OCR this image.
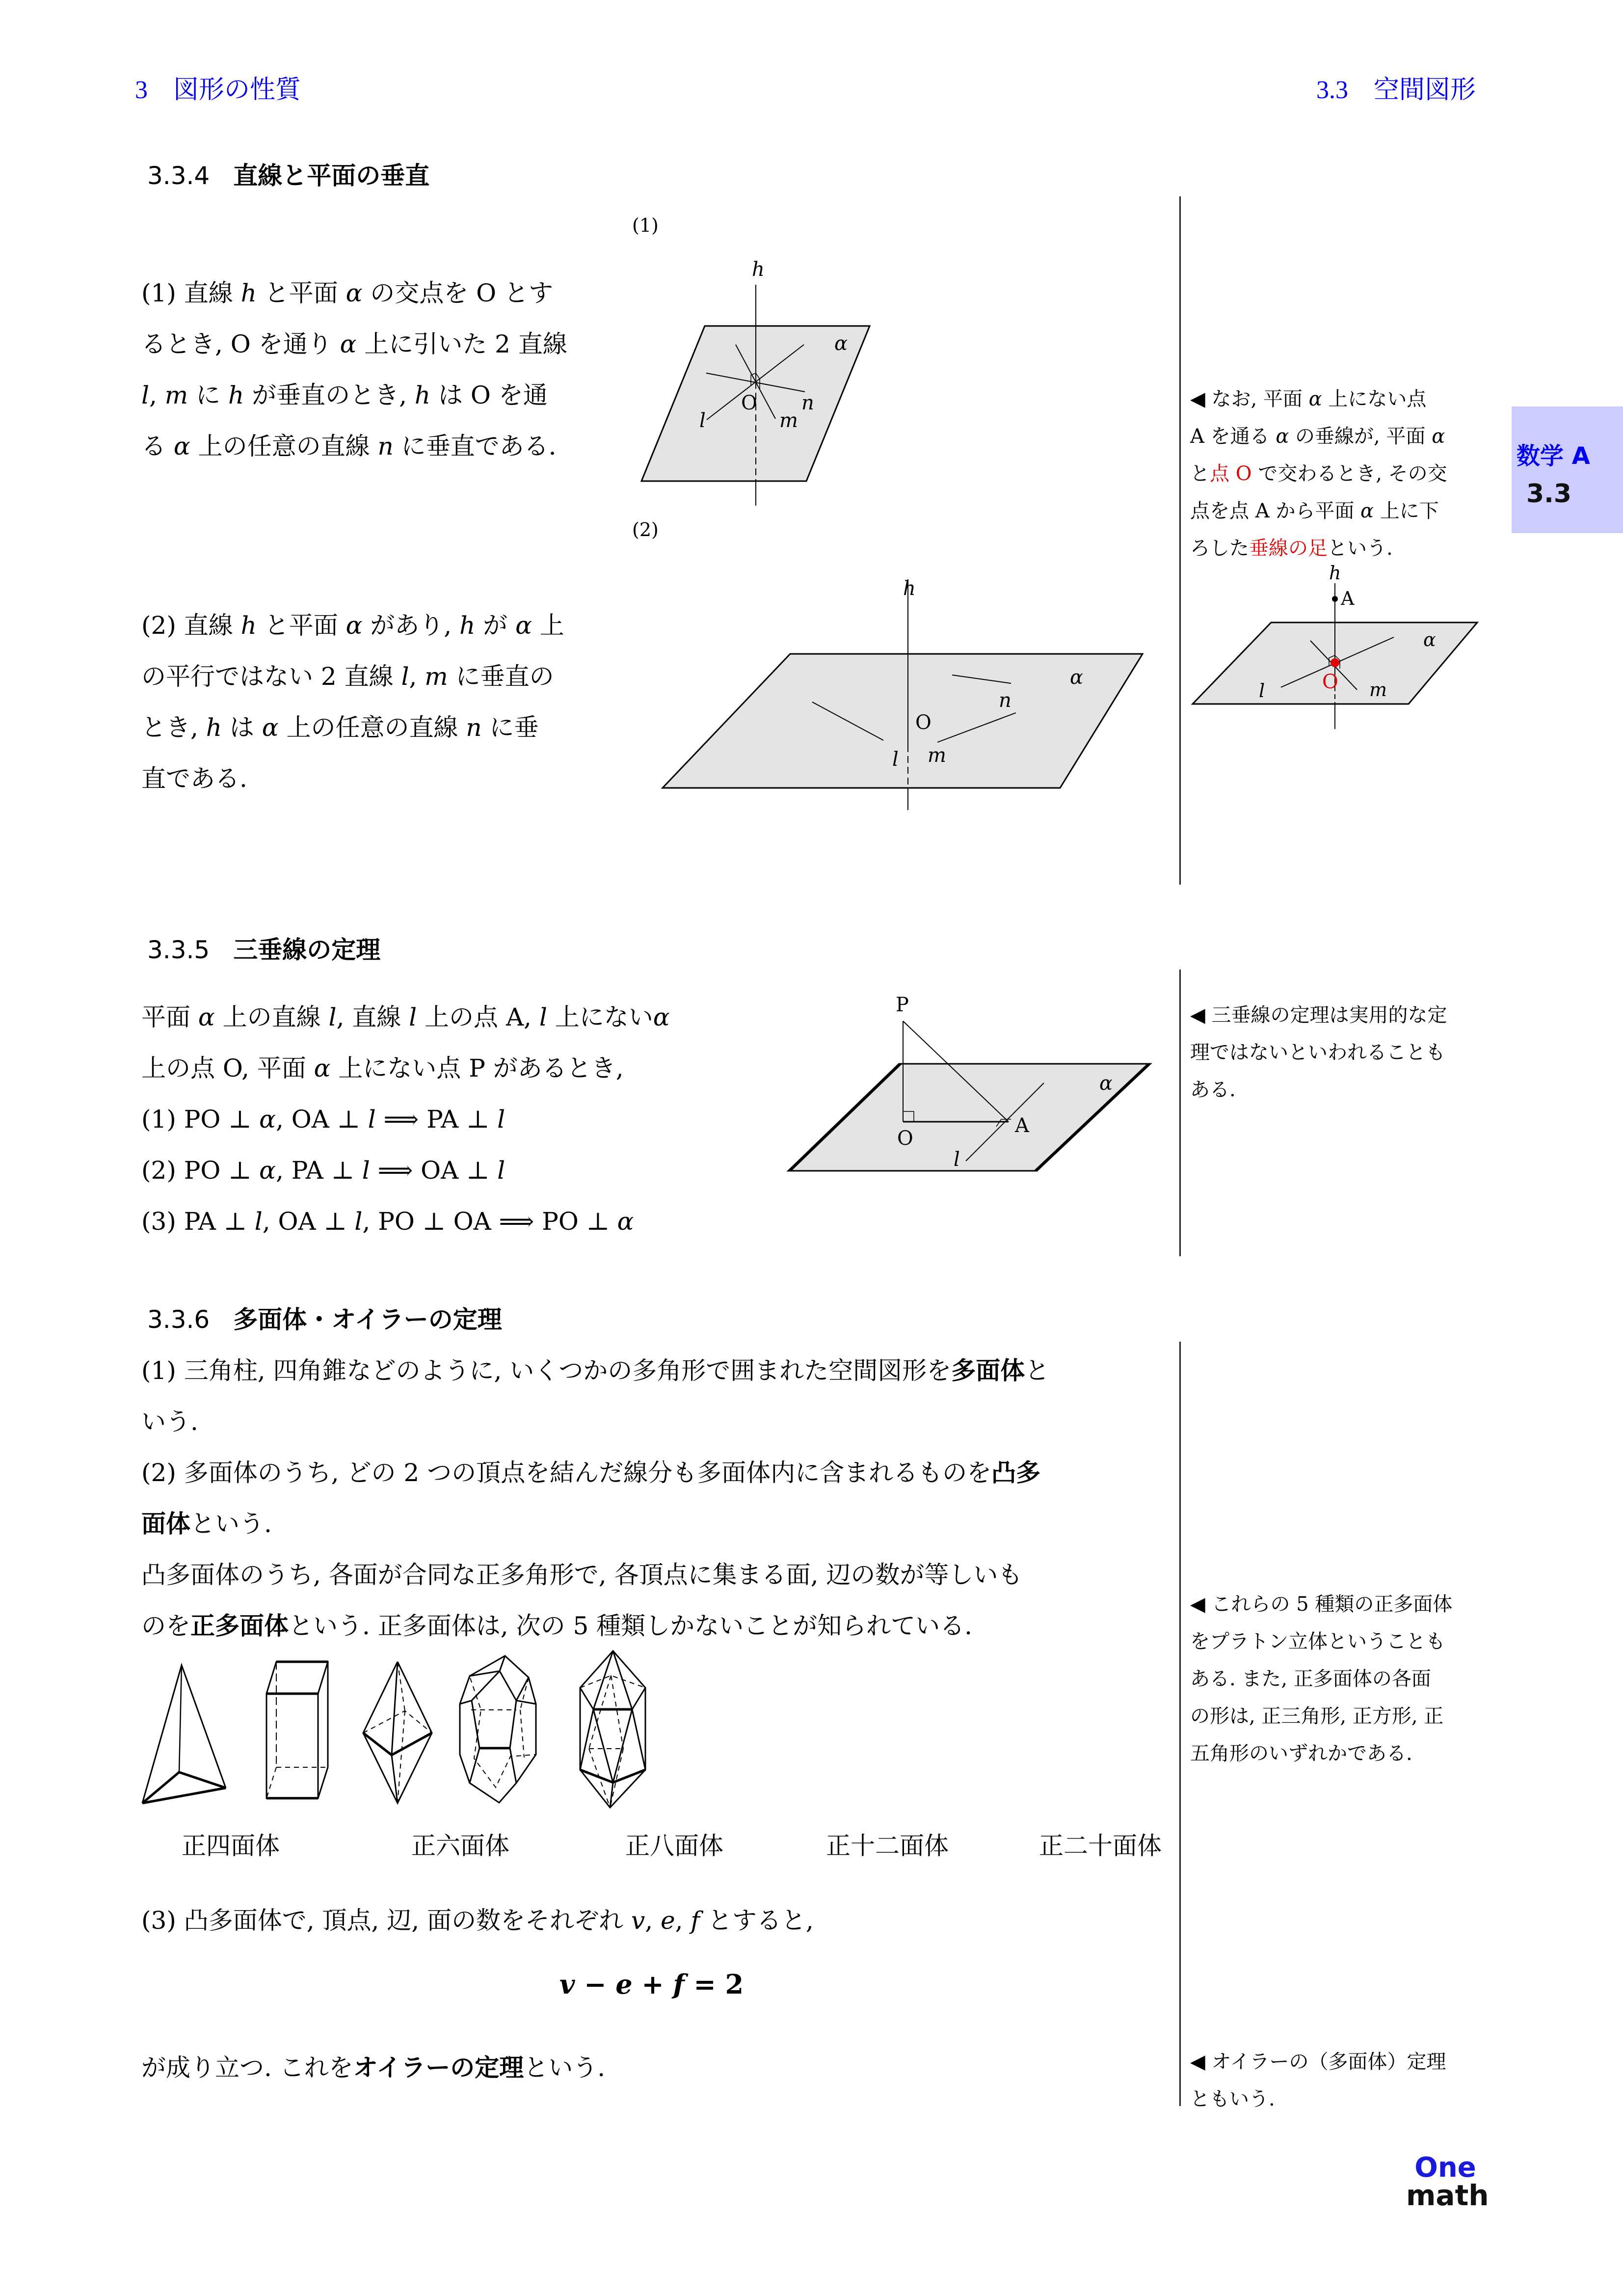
3　図形の性質	3.3　空間図形
数学 A
3.3
3.3.4 直線と平面の垂直
(1) 直線 h と平面 α の交点を O とす
るとき, O を通り α 上に引いた 2 直線
l, m に h が垂直のとき, h は O を通
る α 上の任意の直線 n に垂直である.
(2) 直線 h と平面 α があり, h が α 上
の平行ではない 2 直線 l, m に垂直の
とき, h は α 上の任意の直線 n に垂
直である.
(1)
h
α
O
l	m
n
(2)
h
α
O
n
l m
◀ なお, 平面 α 上にない点
A を通る α の垂線が, 平面 α
と点 O で交わるとき, その交
点を点 A から平面 α 上に下
ろした垂線の足という.
h
A
α
O
l	m
3.3.5 三垂線の定理
平面 α 上の直線 l, 直線 l 上の点 A, l 上にないα
上の点 O, 平面 α 上にない点 P があるとき,
(1) PO ⊥ α, OA ⊥ l ⟹ PA ⊥ l
(2) PO ⊥ α, PA ⊥ l ⟹ OA ⊥ l
(3) PA ⊥ l, OA ⊥ l, PO ⊥ OA ⟹ PO ⊥ α
P
α
A
O
l
◀ 三垂線の定理は実用的な定
理ではないといわれることも
ある.
3.3.6 多面体・オイラーの定理
(1) 三角柱, 四角錐などのように, いくつかの多角形で囲まれた空間図形を多面体と
いう.
(2) 多面体のうち, どの 2 つの頂点を結んだ線分も多面体内に含まれるものを凸多
面体という.
凸多面体のうち, 各面が合同な正多角形で, 各頂点に集まる面, 辺の数が等しいも
のを正多面体という. 正多面体は, 次の 5 種類しかないことが知られている.
正四面体	正六面体	正八面体	正十二面体	正二十面体
(3) 凸多面体で, 頂点, 辺, 面の数をそれぞれ v, e, f とすると,
v − e + f = 2
が成り立つ. これをオイラーの定理という.
◀ これらの 5 種類の正多面体
をプラトン立体ということも
ある. また, 正多面体の各面
の形は, 正三角形, 正方形, 正
五角形のいずれかである.
◀ オイラーの（多面体）定理
ともいう.
One
math
